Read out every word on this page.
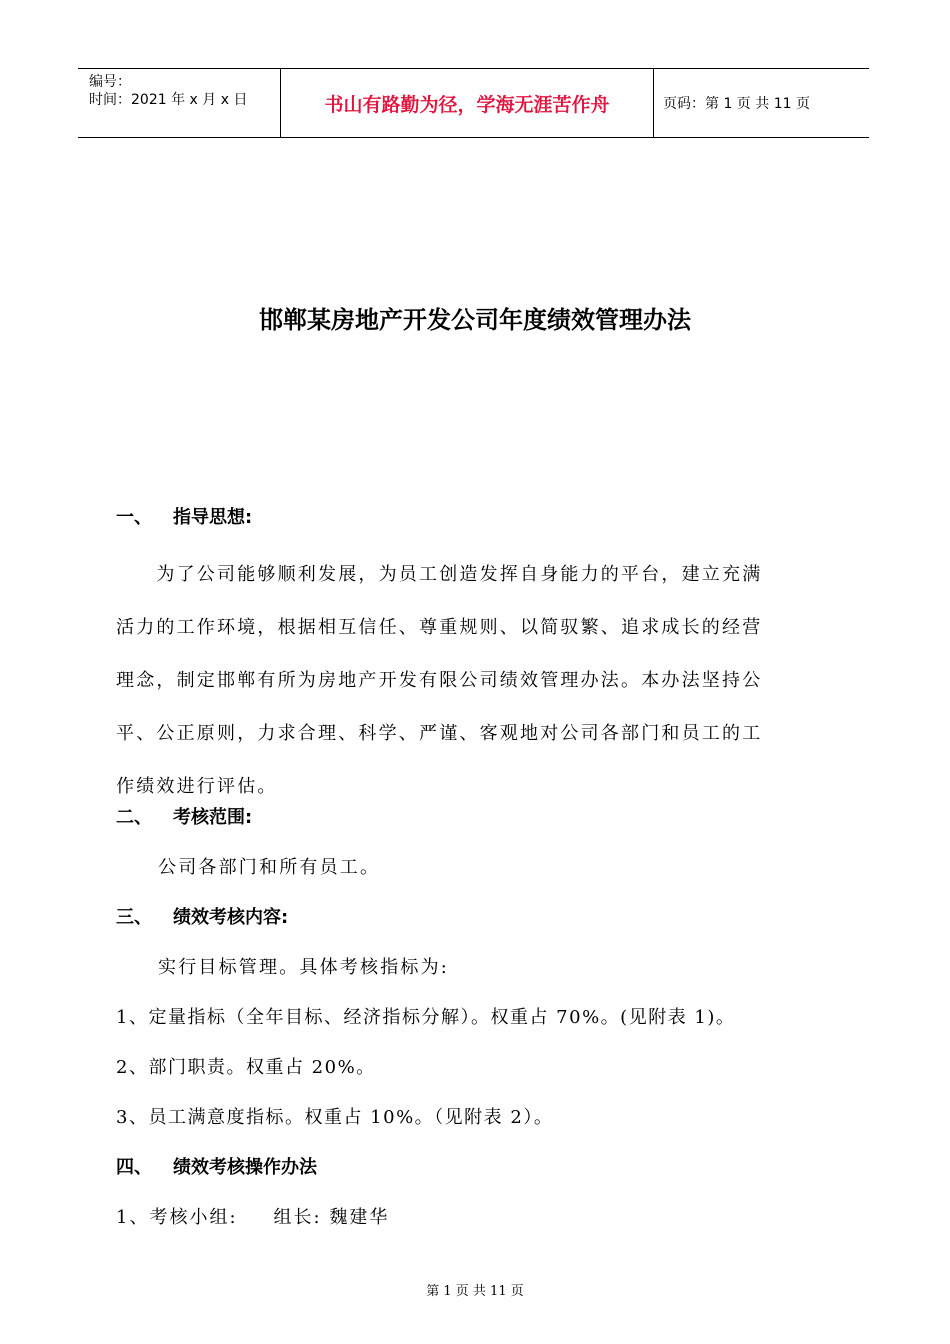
编号：
时间：2021 年 x 月 x 日	书山有路勤为径，学海无涯苦作舟	页码：第 1 页 共 11 页
邯郸某房地产开发公司年度绩效管理办法
一、 指导思想:
　　为了公司能够顺利发展，为员工创造发挥自身能力的平台，建立充满
活力的工作环境，根据相互信任、尊重规则、以简驭繁、追求成长的经营
理念，制定邯郸有所为房地产开发有限公司绩效管理办法。本办法坚持公
平、公正原则，力求合理、科学、严谨、客观地对公司各部门和员工的工
作绩效进行评估。
二、 考核范围:
公司各部门和所有员工。
三、 绩效考核内容:
实行目标管理。具体考核指标为:
1、定量指标（全年目标、经济指标分解）。权重占 70%。(见附表 1)。
2、部门职责。权重占 20%。
3、员工满意度指标。权重占 10%。（见附表 2）。
四、 绩效考核操作办法
1、考核小组: 组长: 魏建华
第 1 页 共 11 页
